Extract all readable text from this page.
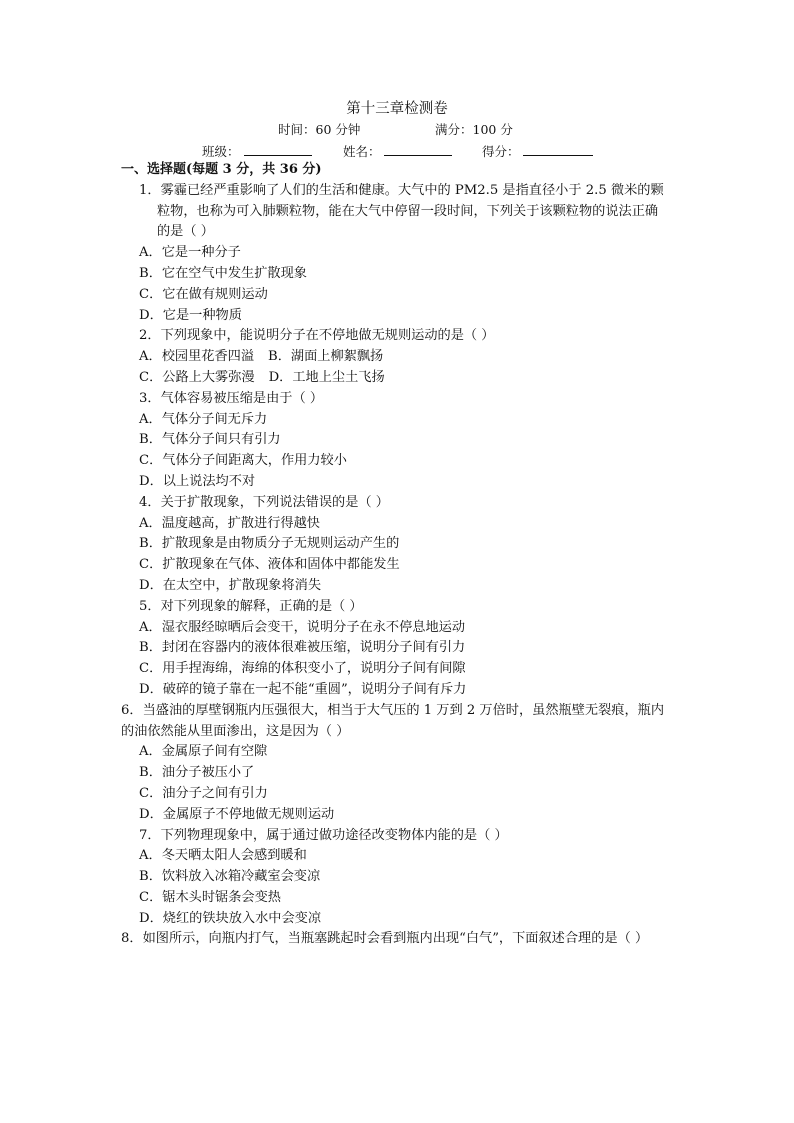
第十三章检测卷
时间：60 分钟	满分：100 分
班级：	姓名：	得分：

一、选择题(每题 3 分，共 36 分)

1．雾霾已经严重影响了人们的生活和健康。大气中的 PM2.5 是指直径小于 2.5 微米的颗粒物，也称为可入肺颗粒物，能在大气中停留一段时间，下列关于该颗粒物的说法正确的是（ ）

A．它是一种分子

B．它在空气中发生扩散现象

C．它在做有规则运动

D．它是一种物质

2．下列现象中，能说明分子在不停地做无规则运动的是（ ）

A．校园里花香四溢 B．湖面上柳絮飘扬

C．公路上大雾弥漫 D．工地上尘土飞扬

3．气体容易被压缩是由于（ ）

A．气体分子间无斥力

B．气体分子间只有引力

C．气体分子间距离大，作用力较小

D．以上说法均不对

4．关于扩散现象，下列说法错误的是（ ）

A．温度越高，扩散进行得越快

B．扩散现象是由物质分子无规则运动产生的

C．扩散现象在气体、液体和固体中都能发生

D．在太空中，扩散现象将消失

5．对下列现象的解释，正确的是（ ）

A．湿衣服经晾晒后会变干，说明分子在永不停息地运动

B．封闭在容器内的液体很难被压缩，说明分子间有引力

C．用手捏海绵，海绵的体积变小了，说明分子间有间隙

D．破碎的镜子靠在一起不能“重圆”，说明分子间有斥力

6．当盛油的厚壁钢瓶内压强很大，相当于大气压的 1 万到 2 万倍时，虽然瓶壁无裂痕，瓶内的油依然能从里面渗出，这是因为（ ）

A．金属原子间有空隙

B．油分子被压小了

C．油分子之间有引力

D．金属原子不停地做无规则运动

7．下列物理现象中，属于通过做功途径改变物体内能的是（ ）

A．冬天晒太阳人会感到暖和

B．饮料放入冰箱冷藏室会变凉

C．锯木头时锯条会变热

D．烧红的铁块放入水中会变凉

8．如图所示，向瓶内打气，当瓶塞跳起时会看到瓶内出现“白气”，下面叙述合理的是（ ）
